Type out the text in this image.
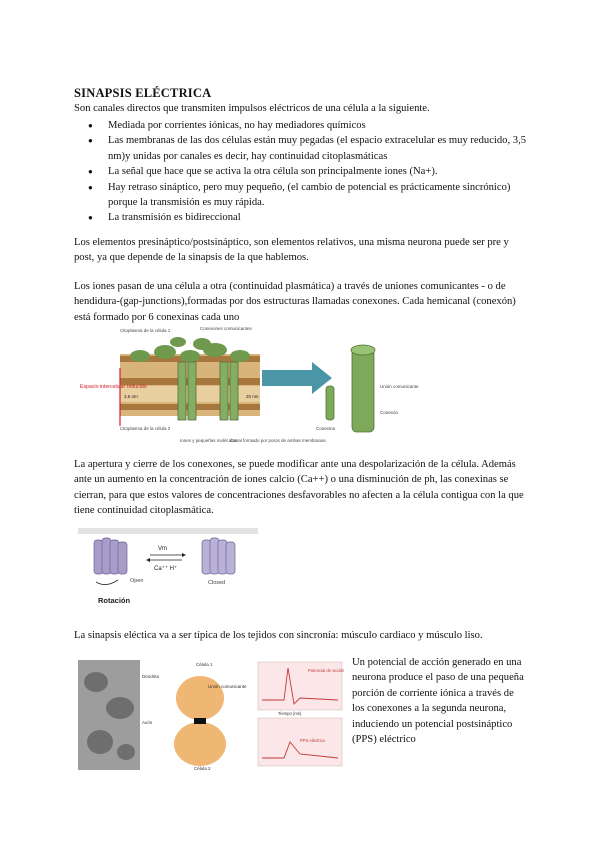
SINAPSIS ELÉCTRICA
Son canales directos que transmiten impulsos eléctricos de una célula a la siguiente.
● Mediada por corrientes iónicas, no hay mediadores químicos
● Las membranas de las dos células están muy pegadas (el espacio extracelular es muy reducido, 3,5 nm)y unidas por canales es decir, hay continuidad citoplasmáticas
● La señal que hace que se activa la otra célula son principalmente iones (Na+).
● Hay retraso sináptico, pero muy pequeño, (el cambio de potencial es prácticamente sincrónico) porque la transmisión es muy rápida.
● La transmisión es bidireccional
Los elementos presináptico/postsináptico, son elementos relativos, una misma neurona puede ser pre y post, ya que depende de la sinapsis de la que hablemos.
Los iones pasan de una célula a otra (continuidad plasmática) a través de uniones comunicantes - o de hendidura-(gap-junctions),formadas por dos estructuras llamadas conexones. Cada hemicanal (conexón) está formado por 6 conexinas cada uno
Citoplasma de la célula 1	Conexones comunicantes
Espacio intercelular reducido
3,5 nm	20 nm
Citoplasma de la célula 2
Iones y pequeñas moléculas
Canal formado por poros de ambas membranas
Conexina
Conexón
Unión comunicante
La apertura y cierre de los conexones, se puede modificar ante una despolarización de la célula. Además ante un aumento en la concentración de iones calcio (Ca++) o una disminución de ph, las conexinas se cierran, para que estos valores de concentraciones desfavorables no afecten a la célula contigua con la que tiene continuidad citoplasmática.
Vm
Ca⁺⁺ H⁺
Open	Closed
Rotación
La sinapsis eléctica va a ser típica de los tejidos con sincronía: músculo cardiaco y músculo liso.
Dendrita
Axón
Célula 1
Unión comunicante
Célula 2
Potencial de acción
Tiempo (ms)
PPS eléctrico
Un potencial de acción generado en una neurona produce el paso de una pequeña porción de corriente iónica a través de los conexones a la segunda neurona, induciendo un potencial postsináptico (PPS) eléctrico
